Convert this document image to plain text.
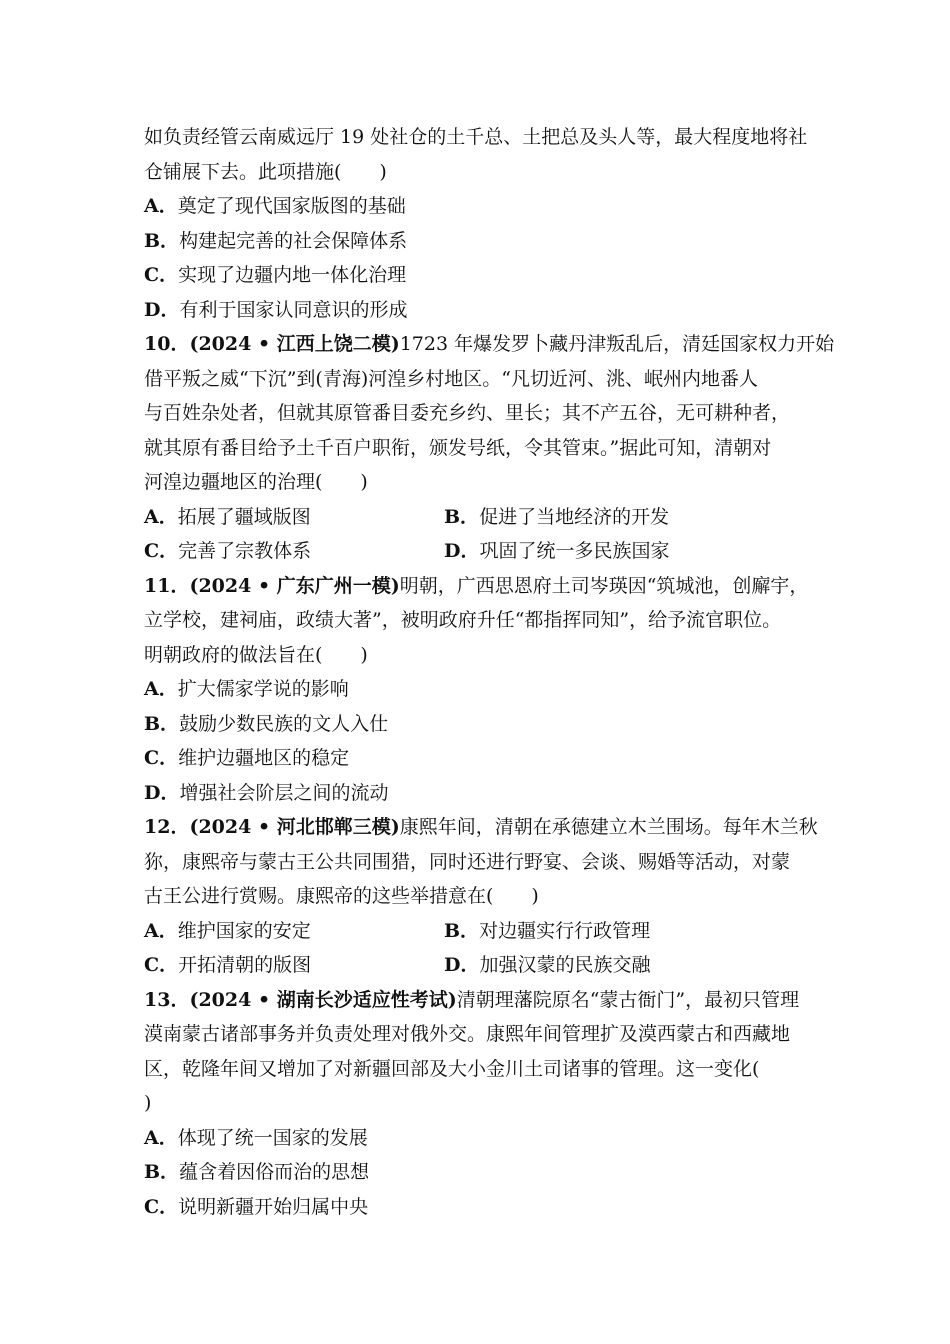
如负责经管云南威远厅 19 处社仓的土千总、土把总及头人等，最大程度地将社
仓铺展下去。此项措施(　　)
A．奠定了现代国家版图的基础
B．构建起完善的社会保障体系
C．实现了边疆内地一体化治理
D．有利于国家认同意识的形成
10．(2024 • 江西上饶二模)1723 年爆发罗卜藏丹津叛乱后，清廷国家权力开始
借平叛之威“下沉”到(青海)河湟乡村地区。“凡切近河、洮、岷州内地番人
与百姓杂处者，但就其原管番目委充乡约、里长；其不产五谷，无可耕种者，
就其原有番目给予土千百户职衔，颁发号纸，令其管束。”据此可知，清朝对
河湟边疆地区的治理(　　)
A．拓展了疆域版图	B．促进了当地经济的开发
C．完善了宗教体系	D．巩固了统一多民族国家
11．(2024 • 广东广州一模)明朝，广西思恩府土司岑瑛因“筑城池，创廨宇，
立学校，建祠庙，政绩大著”，被明政府升任“都指挥同知”，给予流官职位。
明朝政府的做法旨在(　　)
A．扩大儒家学说的影响
B．鼓励少数民族的文人入仕
C．维护边疆地区的稳定
D．增强社会阶层之间的流动
12．(2024 • 河北邯郸三模)康熙年间，清朝在承德建立木兰围场。每年木兰秋
狝，康熙帝与蒙古王公共同围猎，同时还进行野宴、会谈、赐婚等活动，对蒙
古王公进行赏赐。康熙帝的这些举措意在(　　)
A．维护国家的安定	B．对边疆实行行政管理
C．开拓清朝的版图	D．加强汉蒙的民族交融
13．(2024 • 湖南长沙适应性考试)清朝理藩院原名“蒙古衙门”，最初只管理
漠南蒙古诸部事务并负责处理对俄外交。康熙年间管理扩及漠西蒙古和西藏地
区，乾隆年间又增加了对新疆回部及大小金川土司诸事的管理。这一变化(
)
A．体现了统一国家的发展
B．蕴含着因俗而治的思想
C．说明新疆开始归属中央
